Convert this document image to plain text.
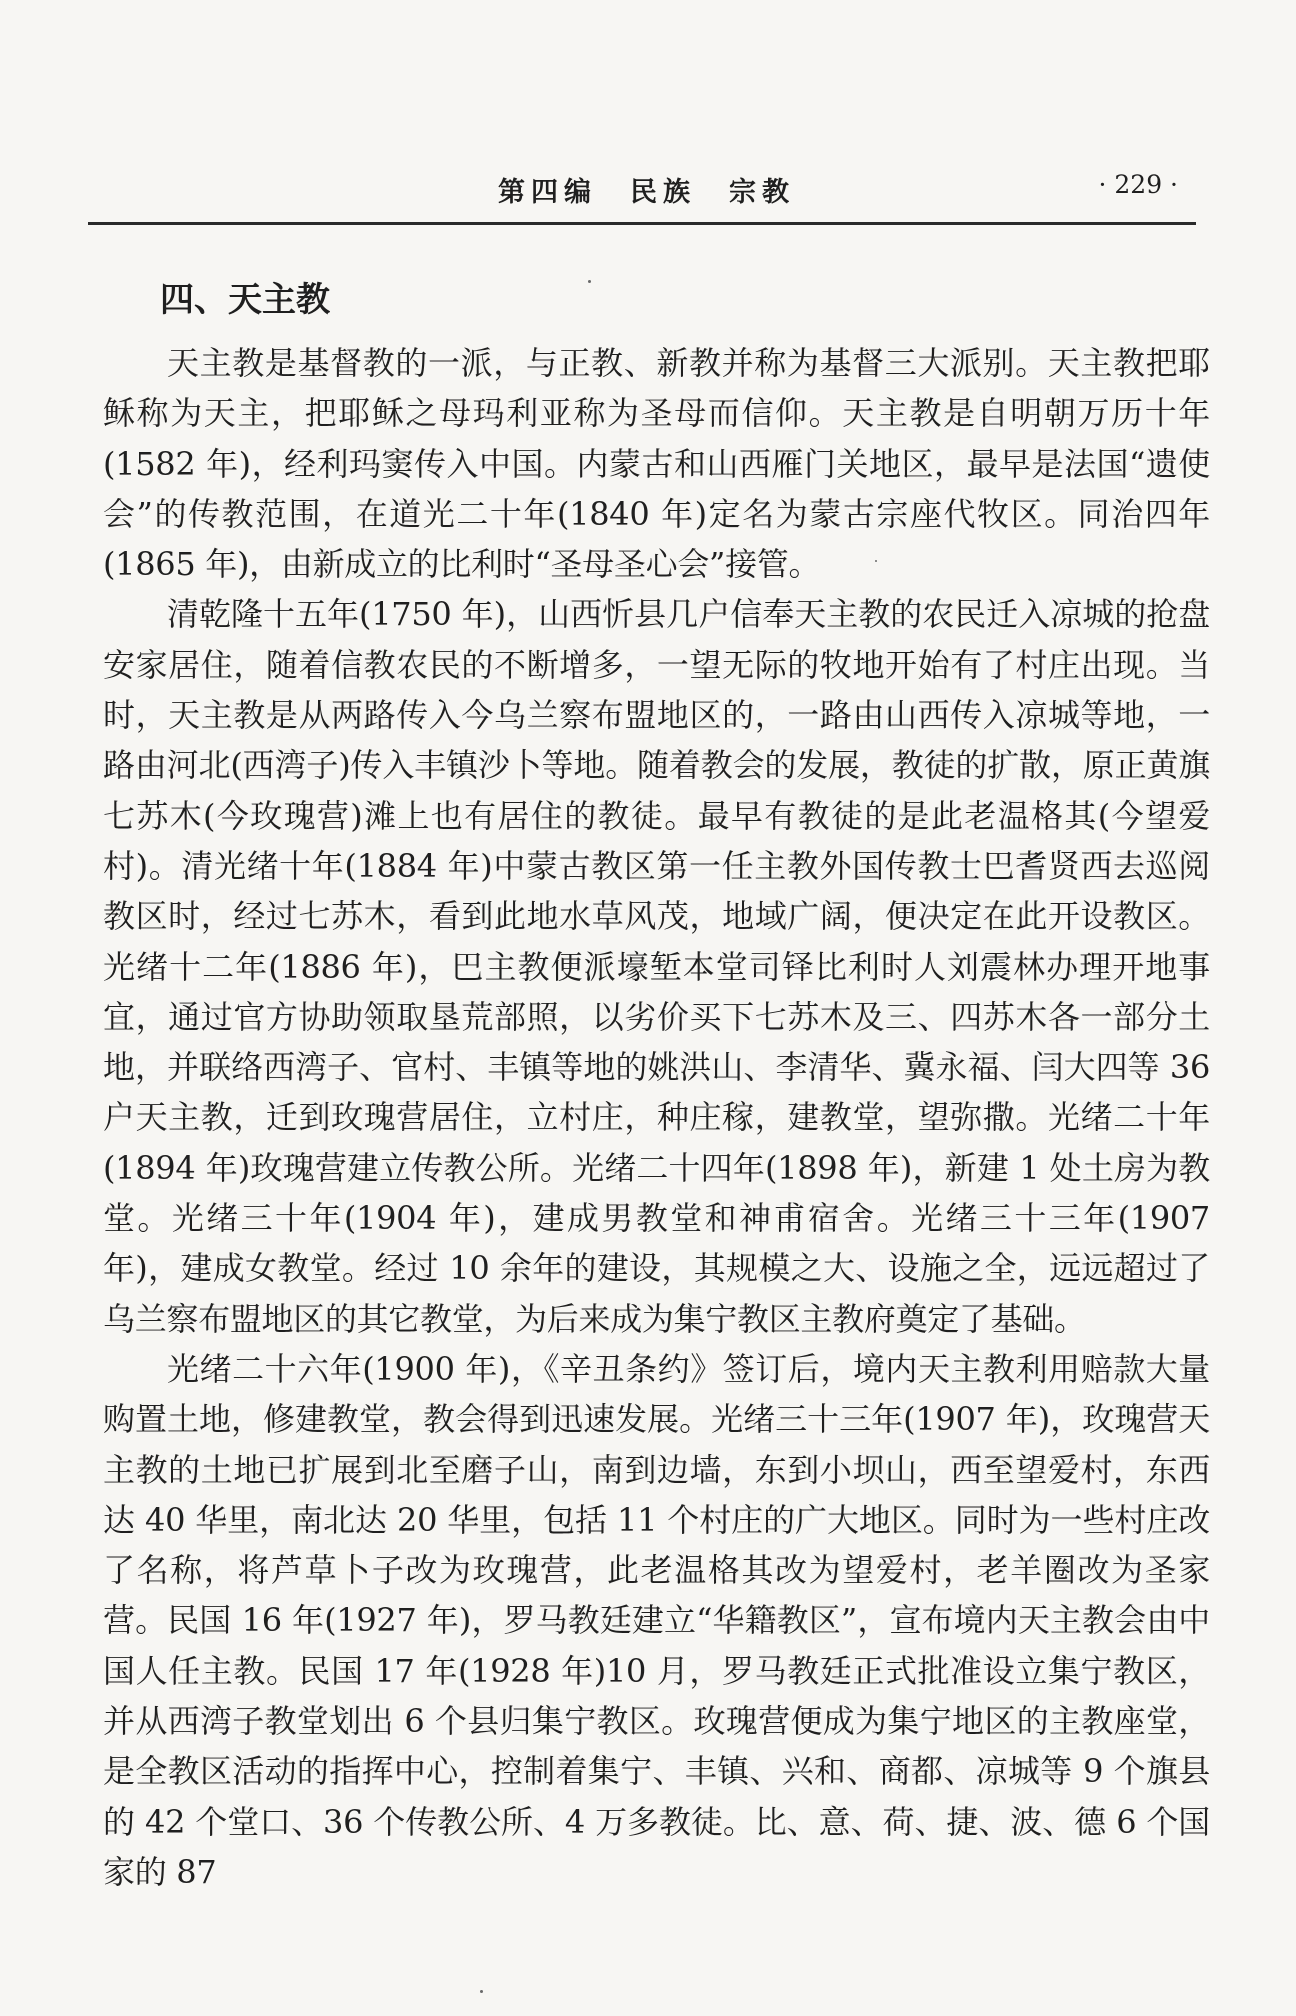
第四编　民族　宗教	· 229 ·
四、天主教

天主教是基督教的一派，与正教、新教并称为基督三大派别。天主教把耶稣称为天主，把耶稣之母玛利亚称为圣母而信仰。天主教是自明朝万历十年(1582 年)，经利玛窦传入中国。内蒙古和山西雁门关地区，最早是法国“遗使会”的传教范围，在道光二十年(1840 年)定名为蒙古宗座代牧区。同治四年(1865 年)，由新成立的比利时“圣母圣心会”接管。

清乾隆十五年(1750 年)，山西忻县几户信奉天主教的农民迁入凉城的抢盘安家居住，随着信教农民的不断增多，一望无际的牧地开始有了村庄出现。当时，天主教是从两路传入今乌兰察布盟地区的，一路由山西传入凉城等地，一路由河北(西湾子)传入丰镇沙卜等地。随着教会的发展，教徒的扩散，原正黄旗七苏木(今玫瑰营)滩上也有居住的教徒。最早有教徒的是此老温格其(今望爱村)。清光绪十年(1884 年)中蒙古教区第一任主教外国传教士巴耆贤西去巡阅教区时，经过七苏木，看到此地水草风茂，地域广阔，便决定在此开设教区。光绪十二年(1886 年)，巴主教便派壕堑本堂司铎比利时人刘震林办理开地事宜，通过官方协助领取垦荒部照，以劣价买下七苏木及三、四苏木各一部分土地，并联络西湾子、官村、丰镇等地的姚洪山、李清华、冀永福、闫大四等 36 户天主教，迁到玫瑰营居住，立村庄，种庄稼，建教堂，望弥撒。光绪二十年(1894 年)玫瑰营建立传教公所。光绪二十四年(1898 年)，新建 1 处土房为教堂。光绪三十年(1904 年)，建成男教堂和神甫宿舍。光绪三十三年(1907 年)，建成女教堂。经过 10 余年的建设，其规模之大、设施之全，远远超过了乌兰察布盟地区的其它教堂，为后来成为集宁教区主教府奠定了基础。

光绪二十六年(1900 年)，《辛丑条约》签订后，境内天主教利用赔款大量购置土地，修建教堂，教会得到迅速发展。光绪三十三年(1907 年)，玫瑰营天主教的土地已扩展到北至磨子山，南到边墙，东到小坝山，西至望爱村，东西达 40 华里，南北达 20 华里，包括 11 个村庄的广大地区。同时为一些村庄改了名称，将芦草卜子改为玫瑰营，此老温格其改为望爱村，老羊圈改为圣家营。民国 16 年(1927 年)，罗马教廷建立“华籍教区”，宣布境内天主教会由中国人任主教。民国 17 年(1928 年)10 月，罗马教廷正式批准设立集宁教区，并从西湾子教堂划出 6 个县归集宁教区。玫瑰营便成为集宁地区的主教座堂，是全教区活动的指挥中心，控制着集宁、丰镇、兴和、商都、凉城等 9 个旗县的 42 个堂口、36 个传教公所、4 万多教徒。比、意、荷、捷、波、德 6 个国家的 87
